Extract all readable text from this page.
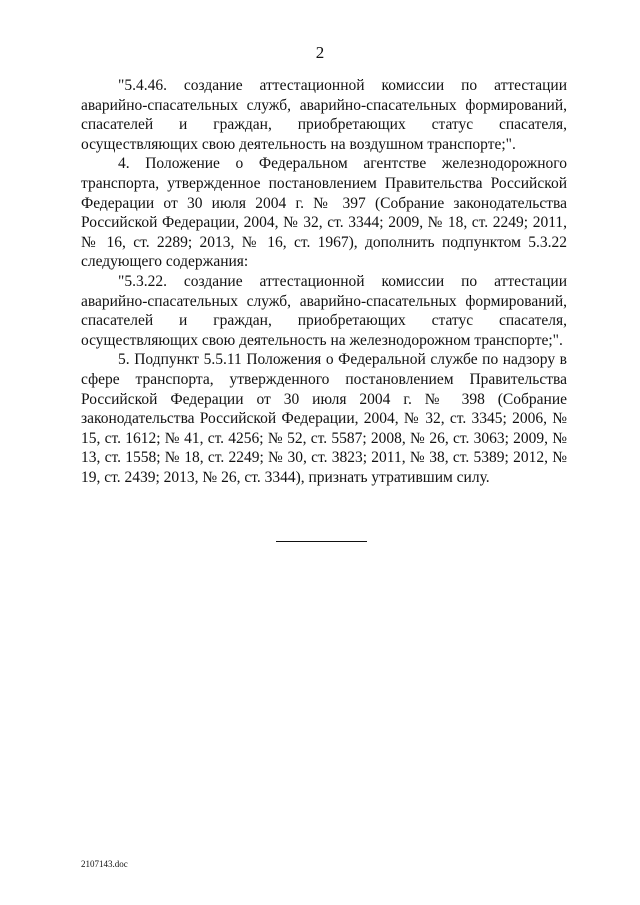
2

"5.4.46. создание аттестационной комиссии по аттестации аварийно-спасательных служб, аварийно-спасательных формирований, спасателей и граждан, приобретающих статус спасателя, осуществляющих свою деятельность на воздушном транспорте;".

4. Положение о Федеральном агентстве железнодорожного транспорта, утвержденное постановлением Правительства Российской Федерации от 30 июля 2004 г. № 397 (Собрание законодательства Российской Федерации, 2004, № 32, ст. 3344; 2009, № 18, ст. 2249; 2011, № 16, ст. 2289; 2013, № 16, ст. 1967), дополнить подпунктом 5.3.22 следующего содержания:

"5.3.22. создание аттестационной комиссии по аттестации аварийно-спасательных служб, аварийно-спасательных формирований, спасателей и граждан, приобретающих статус спасателя, осуществляющих свою деятельность на железнодорожном транспорте;".

5. Подпункт 5.5.11 Положения о Федеральной службе по надзору в сфере транспорта, утвержденного постановлением Правительства Российской Федерации от 30 июля 2004 г. № 398 (Собрание законодательства Российской Федерации, 2004, № 32, ст. 3345; 2006, № 15, ст. 1612; № 41, ст. 4256; № 52, ст. 5587; 2008, № 26, ст. 3063; 2009, № 13, ст. 1558; № 18, ст. 2249; № 30, ст. 3823; 2011, № 38, ст. 5389; 2012, № 19, ст. 2439; 2013, № 26, ст. 3344), признать утратившим силу.

2107143.doc
